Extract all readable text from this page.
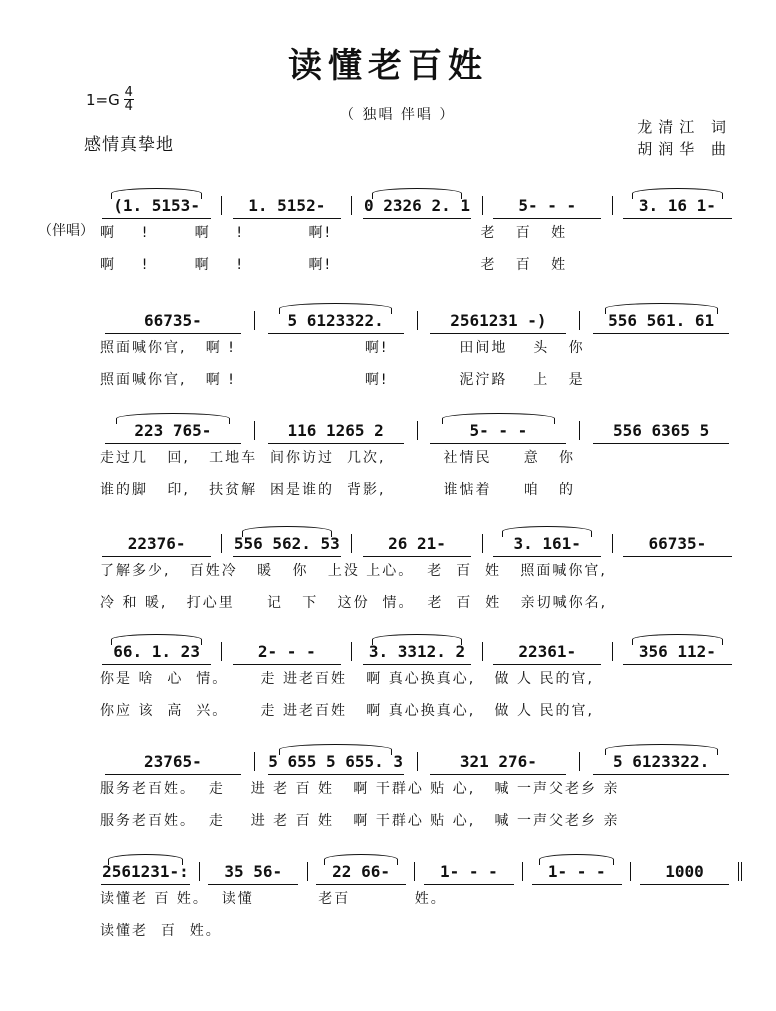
读懂老百姓
$1=G \frac{4}{4}$
（ 独唱 伴唱 ）
龙清江 词
胡润华 曲
感情真挚地
（伴唱）
(1. 5153-	1. 5152-	0 2326 2. 1	5- - -	3. 16 1-
啊    !       啊    !          啊!                       老   百   姓
啊    !       啊    !          啊!                       老   百   姓
66735-	5 6123322.	2561231 -)	556 561. 61
照面喊你官,   啊 !                    啊!           田间地    头   你
照面喊你官,   啊 !                    啊!           泥泞路    上   是
223 765-	116 1265 2	5- - -	556 6365 5
走过几   回,   工地车  间你访过  几次,         社情民     意   你
谁的脚   印,   扶贫解  困是谁的  背影,         谁惦着     咱   的
22376-	556 562. 53	26 21-	3. 161-	66735-
了解多少,   百姓冷   暖   你   上没 上心。  老  百  姓   照面喊你官,
冷 和 暖,   打心里     记   下   这份  情。  老  百  姓   亲切喊你名,
66. 1. 23	2- - -	3. 3312. 2	22361-	356 112-
你是 啥  心  情。     走 进老百姓   啊 真心换真心,   做 人 民的官,
你应 该  高  兴。     走 进老百姓   啊 真心换真心,   做 人 民的官,
23765-	5 655 5 655. 3	321 276-	5 6123322.
服务老百姓。  走    进 老 百 姓   啊 干群心 贴 心,   喊 一声父老乡 亲
服务老百姓。  走    进 老 百 姓   啊 干群心 贴 心,   喊 一声父老乡 亲
2561231-:	35 56-	22 66-	1- - -	1- - -	1000
读懂老 百 姓。  读懂          老百          姓。
读懂老  百  姓。
